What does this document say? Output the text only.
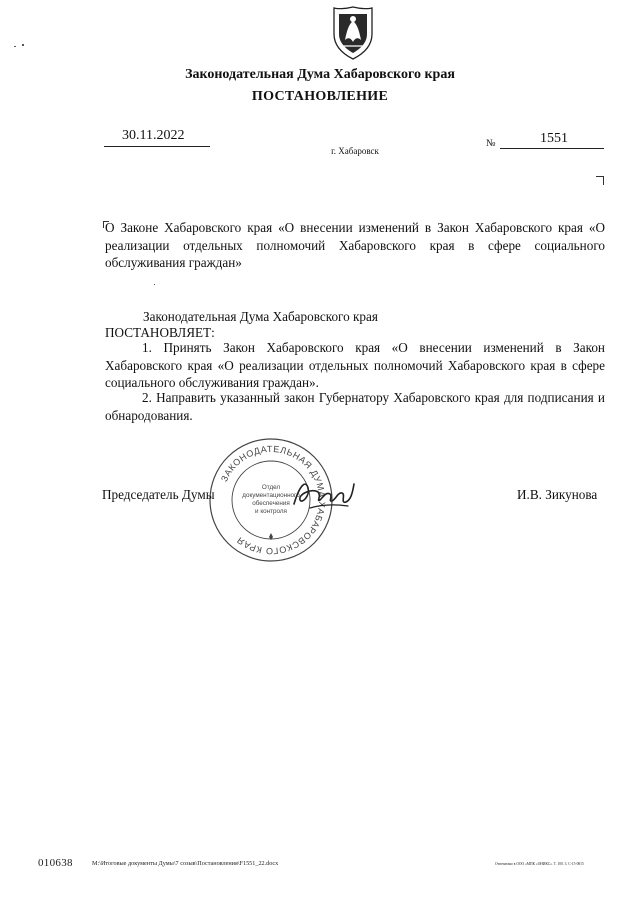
Законодательная Дума Хабаровского края
ПОСТАНОВЛЕНИЕ
30.11.2022
г. Хабаровск
№	1551
О Законе Хабаровского края «О внесении изменений в Закон Хабаровского края «О реализации отдельных полномочий Хабаровского края в сфере социального обслуживания граждан»
Законодательная Дума Хабаровского края
ПОСТАНОВЛЯЕТ:
1. Принять Закон Хабаровского края «О внесении изменений в Закон Хабаровского края «О реализации отдельных полномочий Хабаровского края в сфере социального обслуживания граждан».
2. Направить указанный закон Губернатору Хабаровского края для подписания и обнародования.
ЗАКОНОДАТЕЛЬНАЯ ДУМА ХАБАРОВСКОГО КРАЯ
Отдел
документационного
обеспечения
и контроля
Председатель Думы	И.В. Зикунова
010638	M:\Итоговые документы Думы\7 созыв\Постановления\F1551_22.docx	Отпечатано в ООО «МПК «ОНИКС». Т. 100. 3. С-15-0815
